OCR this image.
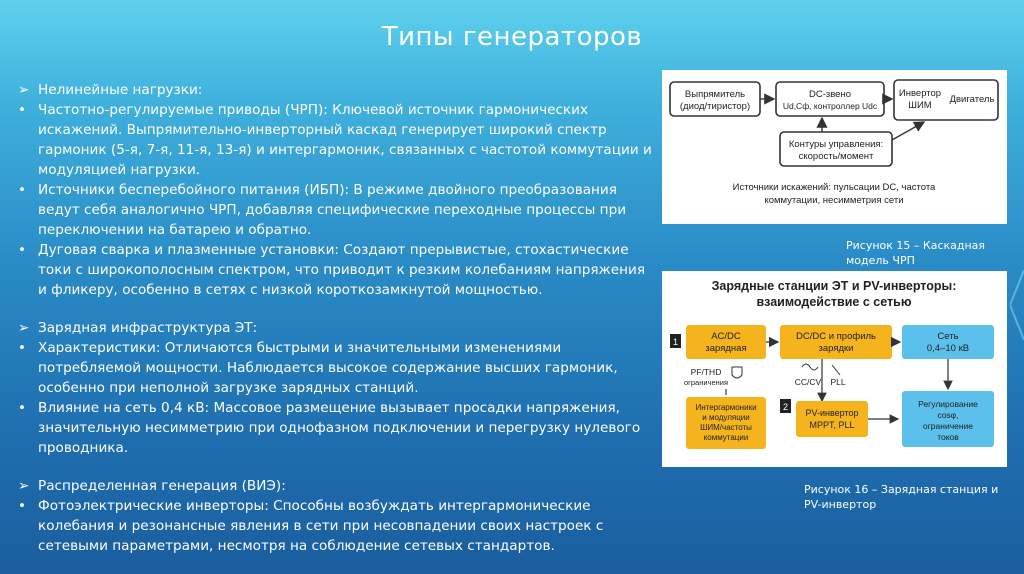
Типы генераторов
➢ Нелинейные нагрузки:
• Частотно-регулируемые приводы (ЧРП): Ключевой источник гармонических искажений. Выпрямительно-инверторный каскад генерирует широкий спектр гармоник (5-я, 7-я, 11-я, 13-я) и интергармоник, связанных с частотой коммутации и модуляцией нагрузки.
• Источники бесперебойного питания (ИБП): В режиме двойного преобразования ведут себя аналогично ЧРП, добавляя специфические переходные процессы при переключении на батарею и обратно.
• Дуговая сварка и плазменные установки: Создают прерывистые, стохастические токи с широкополосным спектром, что приводит к резким колебаниям напряжения и фликеру, особенно в сетях с низкой короткозамкнутой мощностью.
➢ Зарядная инфраструктура ЭТ:
• Характеристики: Отличаются быстрыми и значительными изменениями потребляемой мощности. Наблюдается высокое содержание высших гармоник, особенно при неполной загрузке зарядных станций.
• Влияние на сеть 0,4 кВ: Массовое размещение вызывает просадки напряжения, значительную несимметрию при однофазном подключении и перегрузку нулевого проводника.
➢ Распределенная генерация (ВИЭ):
• Фотоэлектрические инверторы: Способны возбуждать интергармонические колебания и резонансные явления в сети при несовпадении своих настроек с сетевыми параметрами, несмотря на соблюдение сетевых стандартов.
Выпрямитель
(диод/тиристор)
DC-звено
Ud,Cф, контроллер Udc
Инвертор
ШИМ
Двигатель
Контуры управления:
скорость/момент
Источники искажений: пульсации DC, частота
коммутации, несимметрия сети
Рисунок 15 – Каскадная модель ЧРП
Зарядные станции ЭТ и PV-инверторы:
взаимодействие с сетью
1	AC/DC
зарядная
DC/DC и профиль
зарядки
Сеть
0,4–10 кВ
PF/THD
ограничения	CC/CV PLL
Интергармоники
и модуляции
ШИМ/частоты
коммутации
2
PV-инвертор
MPPT, PLL
Регулирование
cosφ,
ограничение
токов
Рисунок 16 – Зарядная станция и PV-инвертор
